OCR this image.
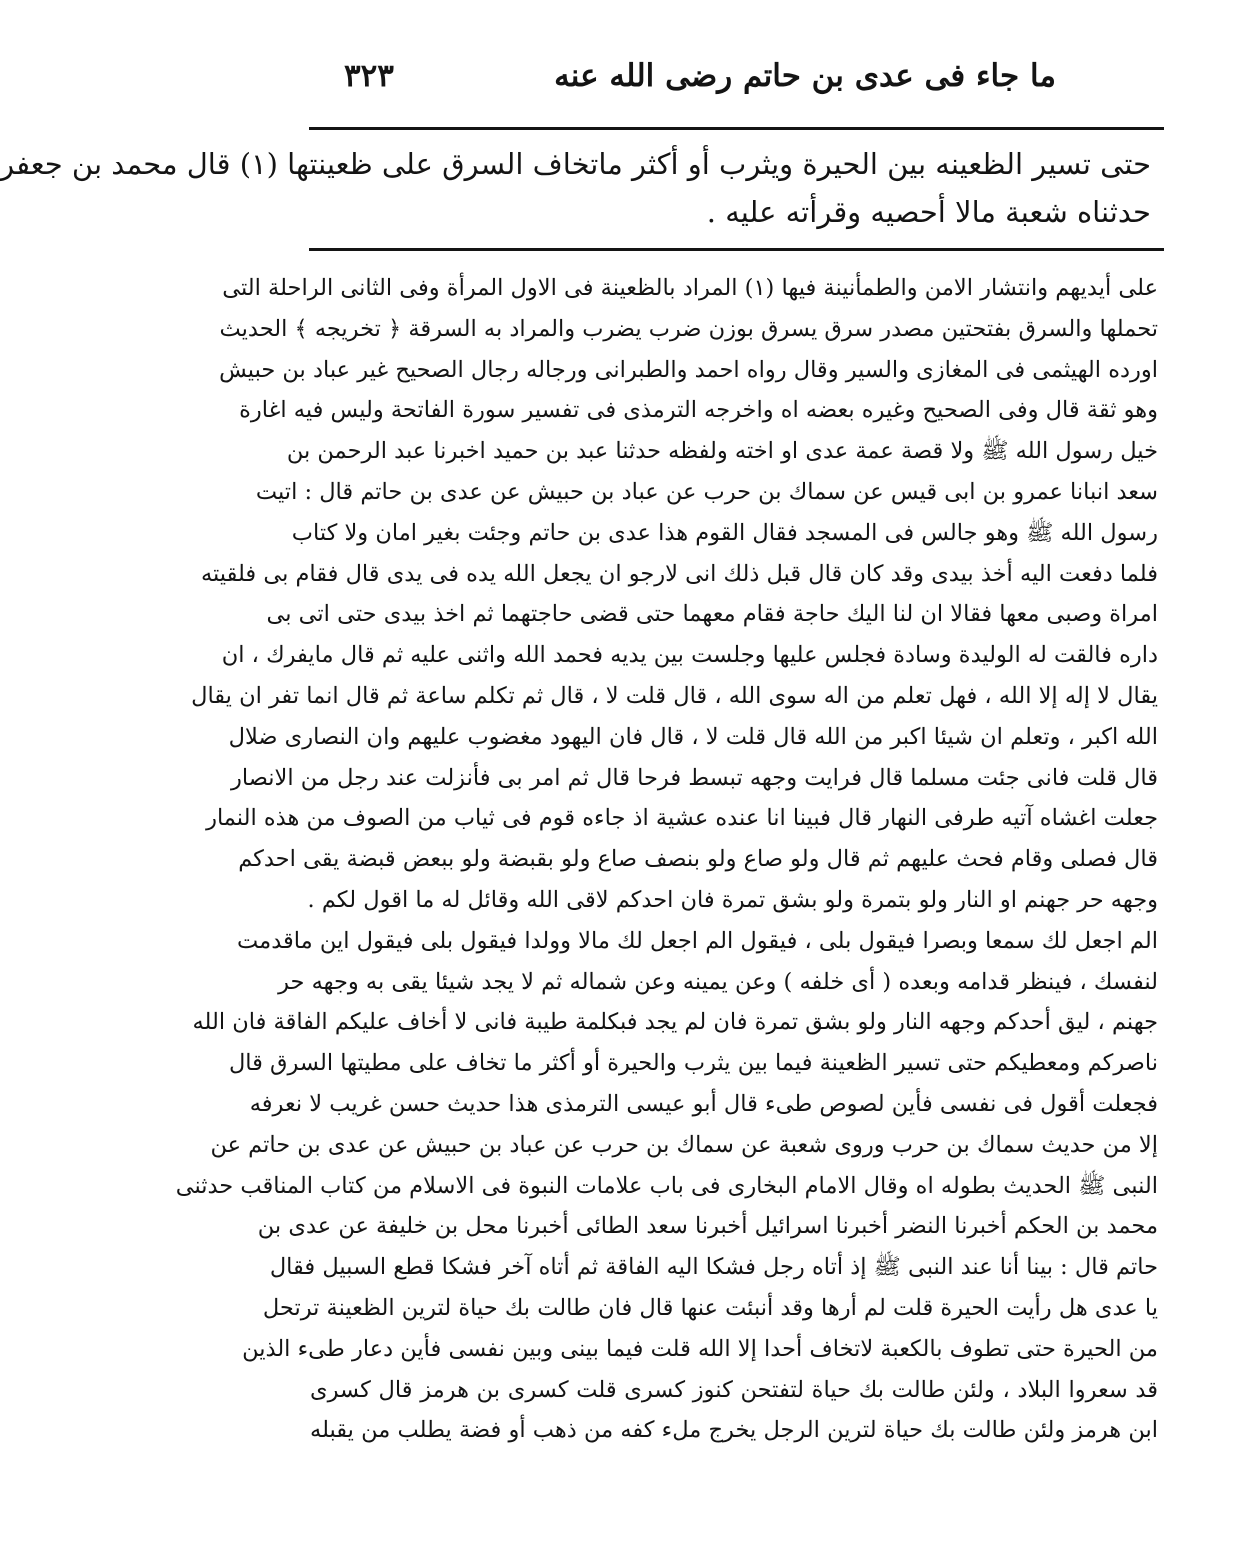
ما جاء فى عدى بن حاتم رضى الله عنه
٣٢٣
حتى تسير الظعينه بين الحيرة ويثرب أو أكثر ماتخاف السرق على ظعينتها (١) قال محمد بن جعفر
حدثناه شعبة مالا أحصيه وقرأته عليه .
على أيديهم وانتشار الامن والطمأنينة فيها (١) المراد بالظعينة فى الاول المرأة وفى الثانى الراحلة التى
تحملها والسرق بفتحتين مصدر سرق يسرق بوزن ضرب يضرب والمراد به السرقة ﴿ تخريجه ﴾ الحديث
اورده الهيثمى فى المغازى والسير وقال رواه احمد والطبرانى ورجاله رجال الصحيح غير عباد بن حبيش
وهو ثقة قال وفى الصحيح وغيره بعضه اه واخرجه الترمذى فى تفسير سورة الفاتحة وليس فيه اغارة
خيل رسول الله ﷺ ولا قصة عمة عدى او اخته ولفظه حدثنا عبد بن حميد اخبرنا عبد الرحمن بن
سعد انبانا عمرو بن ابى قيس عن سماك بن حرب عن عباد بن حبيش عن عدى بن حاتم قال : اتيت
رسول الله ﷺ وهو جالس فى المسجد فقال القوم هذا عدى بن حاتم وجئت بغير امان ولا كتاب
فلما دفعت اليه أخذ بيدى وقد كان قال قبل ذلك انى لارجو ان يجعل الله يده فى يدى قال فقام بى فلقيته
امراة وصبى معها فقالا ان لنا اليك حاجة فقام معهما حتى قضى حاجتهما ثم اخذ بيدى حتى اتى بى
داره فالقت له الوليدة وسادة فجلس عليها وجلست بين يديه فحمد الله واثنى عليه ثم قال مايفرك ، ان
يقال لا إله إلا الله ، فهل تعلم من اله سوى الله ، قال قلت لا ، قال ثم تكلم ساعة ثم قال انما تفر ان يقال
الله اكبر ، وتعلم ان شيئا اكبر من الله قال قلت لا ، قال فان اليهود مغضوب عليهم وان النصارى ضلال
قال قلت فانى جئت مسلما قال فرايت وجهه تبسط فرحا قال ثم امر بى فأنزلت عند رجل من الانصار
جعلت اغشاه آتيه طرفى النهار قال فبينا انا عنده عشية اذ جاءه قوم فى ثياب من الصوف من هذه النمار
قال فصلى وقام فحث عليهم ثم قال ولو صاع ولو بنصف صاع ولو بقبضة ولو ببعض قبضة يقى احدكم
وجهه حر جهنم او النار ولو بتمرة ولو بشق تمرة فان احدكم لاقى الله وقائل له ما اقول لكم .
الم اجعل لك سمعا وبصرا فيقول بلى ، فيقول الم اجعل لك مالا وولدا فيقول بلى فيقول اين ماقدمت
لنفسك ، فينظر قدامه وبعده ( أى خلفه ) وعن يمينه وعن شماله ثم لا يجد شيئا يقى به وجهه حر
جهنم ، ليق أحدكم وجهه النار ولو بشق تمرة فان لم يجد فبكلمة طيبة فانى لا أخاف عليكم الفاقة فان الله
ناصركم ومعطيكم حتى تسير الظعينة فيما بين يثرب والحيرة أو أكثر ما تخاف على مطيتها السرق قال
فجعلت أقول فى نفسى فأين لصوص طىء قال أبو عيسى الترمذى هذا حديث حسن غريب لا نعرفه
إلا من حديث سماك بن حرب وروى شعبة عن سماك بن حرب عن عباد بن حبيش عن عدى بن حاتم عن
النبى ﷺ الحديث بطوله اه وقال الامام البخارى فى باب علامات النبوة فى الاسلام من كتاب المناقب حدثنى
محمد بن الحكم أخبرنا النضر أخبرنا اسرائيل أخبرنا سعد الطائى أخبرنا محل بن خليفة عن عدى بن
حاتم قال : بينا أنا عند النبى ﷺ إذ أتاه رجل فشكا اليه الفاقة ثم أتاه آخر فشكا قطع السبيل فقال
يا عدى هل رأيت الحيرة قلت لم أرها وقد أنبئت عنها قال فان طالت بك حياة لترين الظعينة ترتحل
من الحيرة حتى تطوف بالكعبة لاتخاف أحدا إلا الله قلت فيما بينى وبين نفسى فأين دعار طىء الذين
قد سعروا البلاد ، ولئن طالت بك حياة لتفتحن كنوز كسرى قلت كسرى بن هرمز قال كسرى
ابن هرمز ولئن طالت بك حياة لترين الرجل يخرج ملء كفه من ذهب أو فضة يطلب من يقبله
